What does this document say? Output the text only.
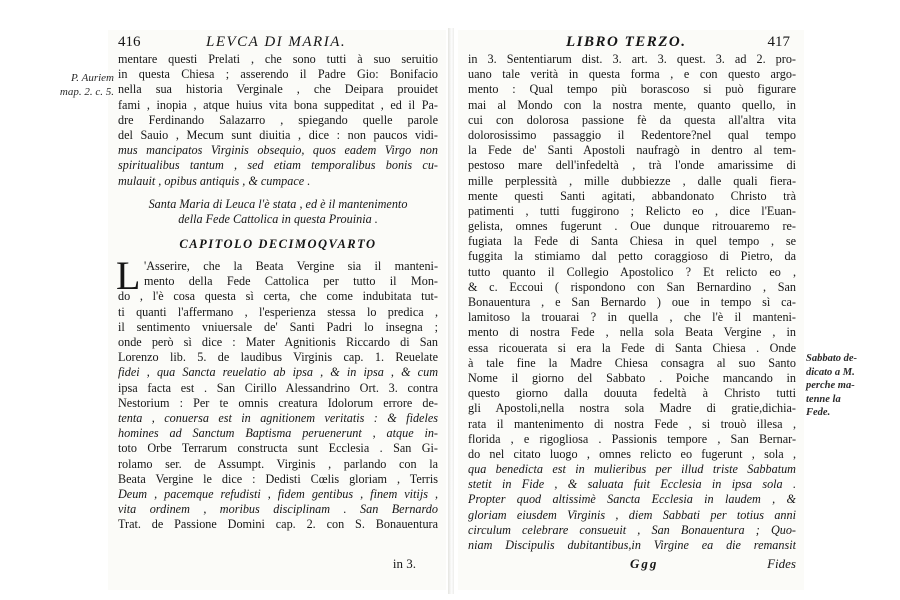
416	LEVCA DI MARIA.
mentare questi Prelati , che sono tutti à suo seruitio
in questa Chiesa ; asserendo il Padre Gio: Bonifacio
nella sua historia Verginale , che Deipara prouidet
fami , inopia , atque huius vita bona suppeditat , ed il Pa-
dre Ferdinando Salazarro , spiegando quelle parole
del Sauio , Mecum sunt diuitia , dice : non paucos vidi-
mus mancipatos Virginis obsequio, quos eadem Virgo non
spiritualibus tantum , sed etiam temporalibus bonis cu-
mulauit , opibus antiquis , & cumpace .
Santa Maria di Leuca l'è stata , ed è il mantenimento
della Fede Cattolica in questa Prouinia .
CAPITOLO DECIMOQVARTO
L 'Asserire, che la Beata Vergine sia il manteni-
mento della Fede Cattolica per tutto il Mon-
do , l'è cosa questa sì certa, che come indubitata tut-
ti quanti l'affermano , l'esperienza stessa lo predica ,
il sentimento vniuersale de' Santi Padri lo insegna ;
onde però sì dice : Mater Agnitionis Riccardo di San
Lorenzo lib. 5. de laudibus Virginis cap. 1. Reuelate
fidei , qua Sancta reuelatio ab ipsa , & in ipsa , & cum
ipsa facta est . San Cirillo Alessandrino Ort. 3. contra
Nestorium : Per te omnis creatura Idolorum errore de-
tenta , conuersa est in agnitionem veritatis : & fideles
homines ad Sanctum Baptisma peruenerunt , atque in-
toto Orbe Terrarum constructa sunt Ecclesia . San Gi-
rolamo ser. de Assumpt. Virginis , parlando con la
Beata Vergine le dice : Dedisti Cœlis gloriam , Terris
Deum , pacemque refudisti , fidem gentibus , finem vitijs ,
vita ordinem , moribus disciplinam . San Bernardo
Trat. de Passione Domini cap. 2. con S. Bonauentura
in 3.
LIBRO TERZO.	417
in 3. Sententiarum dist. 3. art. 3. quest. 3. ad 2. pro-
uano tale verità in questa forma , e con questo argo-
mento : Qual tempo più borascoso si può figurare
mai al Mondo con la nostra mente, quanto quello, in
cui con dolorosa passione fè da questa all'altra vita
dolorosissimo passaggio il Redentore?nel qual tempo
la Fede de' Santi Apostoli naufragò in dentro al tem-
pestoso mare dell'infedeltà , trà l'onde amarissime di
mille perplessità , mille dubbiezze , dalle quali fiera-
mente questi Santi agitati, abbandonato Christo trà
patimenti , tutti fuggirono ; Relicto eo , dice l'Euan-
gelista, omnes fugerunt . Oue dunque ritrouaremo re-
fugiata la Fede di Santa Chiesa in quel tempo , se
fuggita la stimiamo dal petto coraggioso di Pietro, da
tutto quanto il Collegio Apostolico ? Et relicto eo ,
& c. Eccoui ( rispondono con San Bernardino , San
Bonauentura , e San Bernardo ) oue in tempo sì ca-
lamitoso la trouarai ? in quella , che l'è il manteni-
mento di nostra Fede , nella sola Beata Vergine , in
essa ricouerata si era la Fede di Santa Chiesa . Onde
à tale fine la Madre Chiesa consagra al suo Santo
Nome il giorno del Sabbato . Poiche mancando in
questo giorno dalla douuta fedeltà à Christo tutti
gli Apostoli,nella nostra sola Madre di gratie,dichia-
rata il mantenimento di nostra Fede , si trouò illesa ,
florida , e rigogliosa . Passionis tempore , San Bernar-
do nel citato luogo , omnes relicto eo fugerunt , sola ,
qua benedicta est in mulieribus per illud triste Sabbatum
stetit in Fide , & saluata fuit Ecclesia in ipsa sola .
Propter quod altissimè Sancta Ecclesia in laudem , &
gloriam eiusdem Virginis , diem Sabbati per totius anni
circulum celebrare consueuit , San Bonauentura ; Quo-
niam Discipulis dubitantibus,in Virgine ea die remansit
Ggg	Fides
P. Auriem
map. 2. c. 5.
Sabbato de-
dicato a M.
perche ma-
tenne la
Fede.
